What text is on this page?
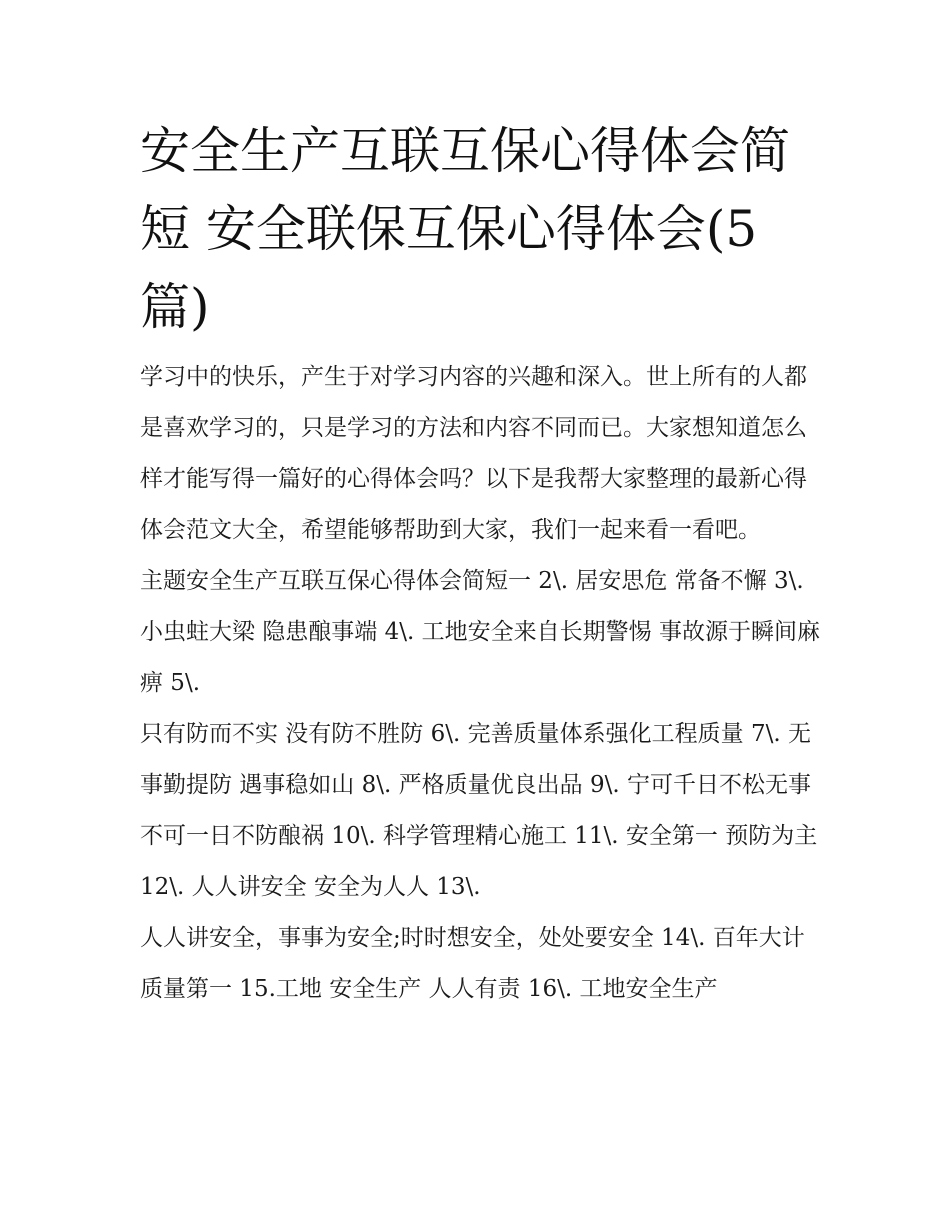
安全生产互联互保心得体会简短 安全联保互保心得体会(5篇)

学习中的快乐，产生于对学习内容的兴趣和深入。世上所有的人都是喜欢学习的，只是学习的方法和内容不同而已。大家想知道怎么样才能写得一篇好的心得体会吗？以下是我帮大家整理的最新心得体会范文大全，希望能够帮助到大家，我们一起来看一看吧。

主题安全生产互联互保心得体会简短一 2\. 居安思危 常备不懈 3\. 小虫蛀大梁 隐患酿事端 4\. 工地安全来自长期警惕 事故源于瞬间麻痹 5\.

只有防而不实 没有防不胜防 6\. 完善质量体系强化工程质量 7\. 无事勤提防 遇事稳如山 8\. 严格质量优良出品 9\. 宁可千日不松无事

不可一日不防酿祸 10\. 科学管理精心施工 11\. 安全第一 预防为主 12\. 人人讲安全 安全为人人 13\.

人人讲安全，事事为安全;时时想安全，处处要安全 14\. 百年大计质量第一 15.工地 安全生产 人人有责 16\. 工地安全生产
